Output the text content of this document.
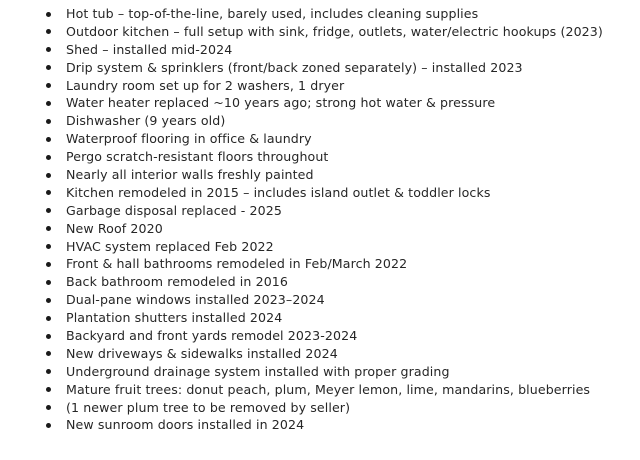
Hot tub – top-of-the-line, barely used, includes cleaning supplies
Outdoor kitchen – full setup with sink, fridge, outlets, water/electric hookups (2023)
Shed – installed mid-2024
Drip system & sprinklers (front/back zoned separately) – installed 2023
Laundry room set up for 2 washers, 1 dryer
Water heater replaced ~10 years ago; strong hot water & pressure
Dishwasher (9 years old)
Waterproof flooring in office & laundry
Pergo scratch-resistant floors throughout
Nearly all interior walls freshly painted
Kitchen remodeled in 2015 – includes island outlet & toddler locks
Garbage disposal replaced - 2025
New Roof 2020
HVAC system replaced Feb 2022
Front & hall bathrooms remodeled in Feb/March 2022
Back bathroom remodeled in 2016
Dual-pane windows installed 2023–2024
Plantation shutters installed 2024
Backyard and front yards remodel 2023-2024
New driveways & sidewalks installed 2024
Underground drainage system installed with proper grading
Mature fruit trees: donut peach, plum, Meyer lemon, lime, mandarins, blueberries
(1 newer plum tree to be removed by seller)
New sunroom doors installed in 2024
